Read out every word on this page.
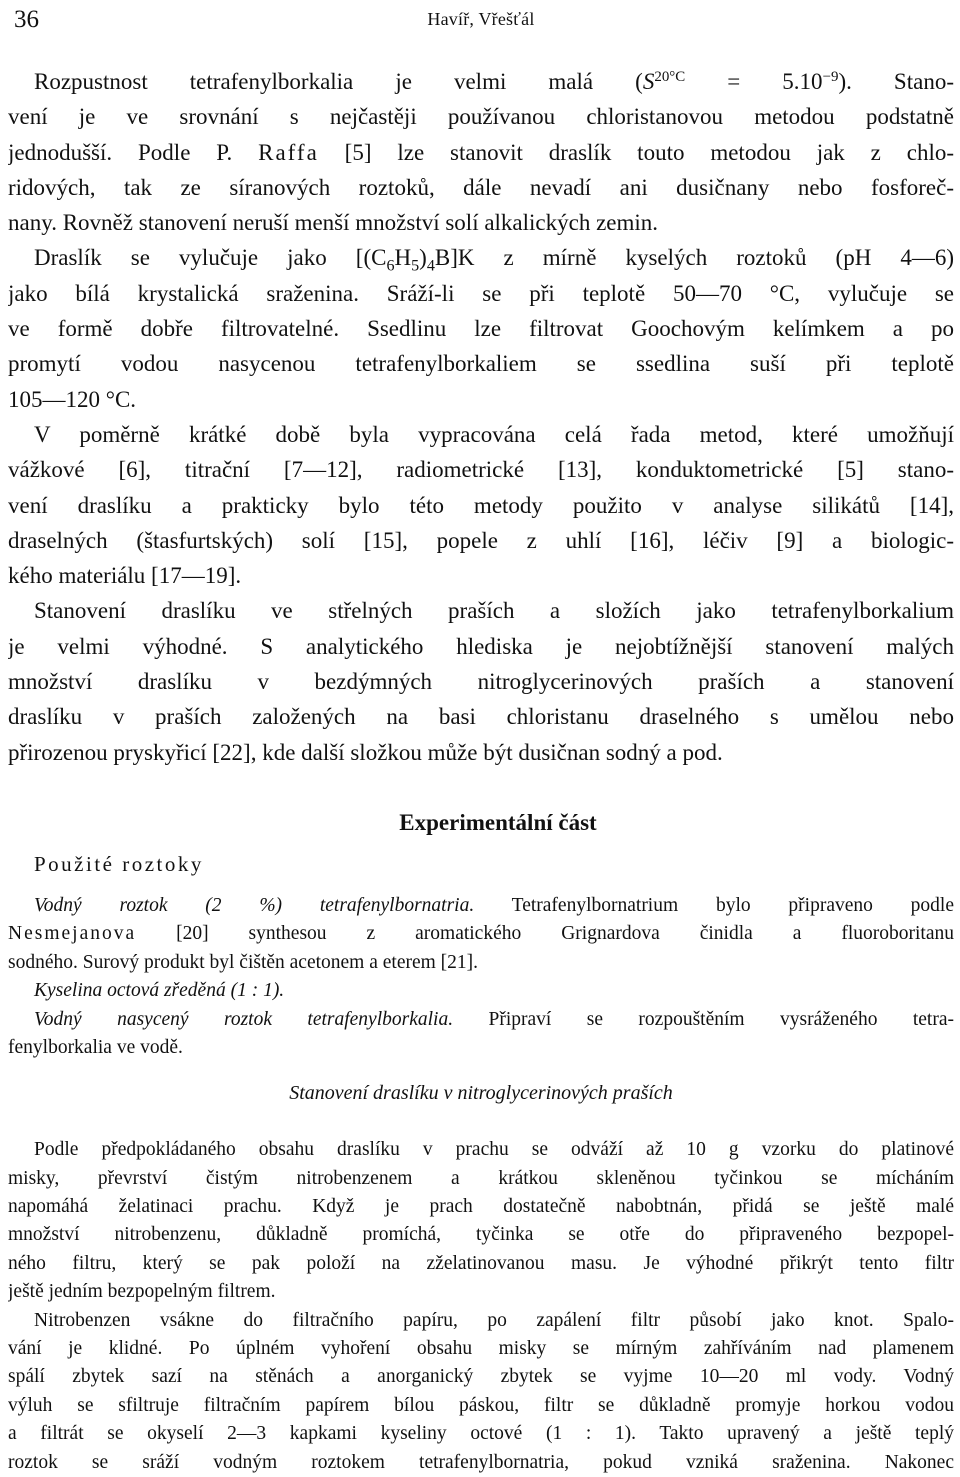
36	Havíř, Vřešťál
Rozpustnost tetrafenylborkalia je velmi malá $(S^{20^\circ C} = 5.10^{-9})$. Stano-
vení je ve srovnání s nejčastěji používanou chloristanovou metodou podstatně
jednodušší. Podle P. Raffa [5] lze stanovit draslík touto metodou jak z chlo-
ridových, tak ze síranových roztoků, dále nevadí ani dusičnany nebo fosforeč-
nany. Rovněž stanovení neruší menší množství solí alkalických zemin.
Draslík se vylučuje jako $[(C_6H_5)_4B]K$ z mírně kyselých roztoků (pH 4—6)
jako bílá krystalická sraženina. Sráží-li se při teplotě 50—70 °C, vylučuje se
ve formě dobře filtrovatelné. Ssedlinu lze filtrovat Goochovým kelímkem a po
promytí vodou nasycenou tetrafenylborkaliem se ssedlina suší při teplotě
105—120 °C.
V poměrně krátké době byla vypracována celá řada metod, které umožňují
vážkové [6], titrační [7—12], radiometrické [13], konduktometrické [5] stano-
vení draslíku a prakticky bylo této metody použito v analyse silikátů [14],
draselných (štasfurtských) solí [15], popele z uhlí [16], léčiv [9] a biologic-
kého materiálu [17—19].
Stanovení draslíku ve střelných praších a složích jako tetrafenylborkalium
je velmi výhodné. S analytického hlediska je nejobtížnější stanovení malých
množství draslíku v bezdýmných nitroglycerinových praších a stanovení
draslíku v praších založených na basi chloristanu draselného s umělou nebo
přirozenou pryskyřicí [22], kde další složkou může být dusičnan sodný a pod.
Experimentální část
Použité roztoky
Vodný roztok (2 %) tetrafenylbornatria. Tetrafenylbornatrium bylo připraveno podle
Nesmejanova [20] synthesou z aromatického Grignardova činidla a fluoroboritanu
sodného. Surový produkt byl čištěn acetonem a eterem [21].
Kyselina octová zředěná (1 : 1).
Vodný nasycený roztok tetrafenylborkalia. Připraví se rozpouštěním vysráženého tetra-
fenylborkalia ve vodě.
Stanovení draslíku v nitroglycerinových praších
Podle předpokládaného obsahu draslíku v prachu se odváží až 10 g vzorku do platinové
misky, převrství čistým nitrobenzenem a krátkou skleněnou tyčinkou se mícháním
napomáhá želatinaci prachu. Když je prach dostatečně nabobtnán, přidá se ještě malé
množství nitrobenzenu, důkladně promíchá, tyčinka se otře do připraveného bezpopel-
ného filtru, který se pak položí na zželatinovanou masu. Je výhodné přikrýt tento filtr
ještě jedním bezpopelným filtrem.
Nitrobenzen vsákne do filtračního papíru, po zapálení filtr působí jako knot. Spalo-
vání je klidné. Po úplném vyhoření obsahu misky se mírným zahříváním nad plamenem
spálí zbytek sazí na stěnách a anorganický zbytek se vyjme 10—20 ml vody. Vodný
výluh se sfiltruje filtračním papírem bílou páskou, filtr se důkladně promyje horkou vodou
a filtrát se okyselí 2—3 kapkami kyseliny octové (1 : 1). Takto upravený a ještě teplý
roztok se sráží vodným roztokem tetrafenylbornatria, pokud vzniká sraženina. Nakonec
